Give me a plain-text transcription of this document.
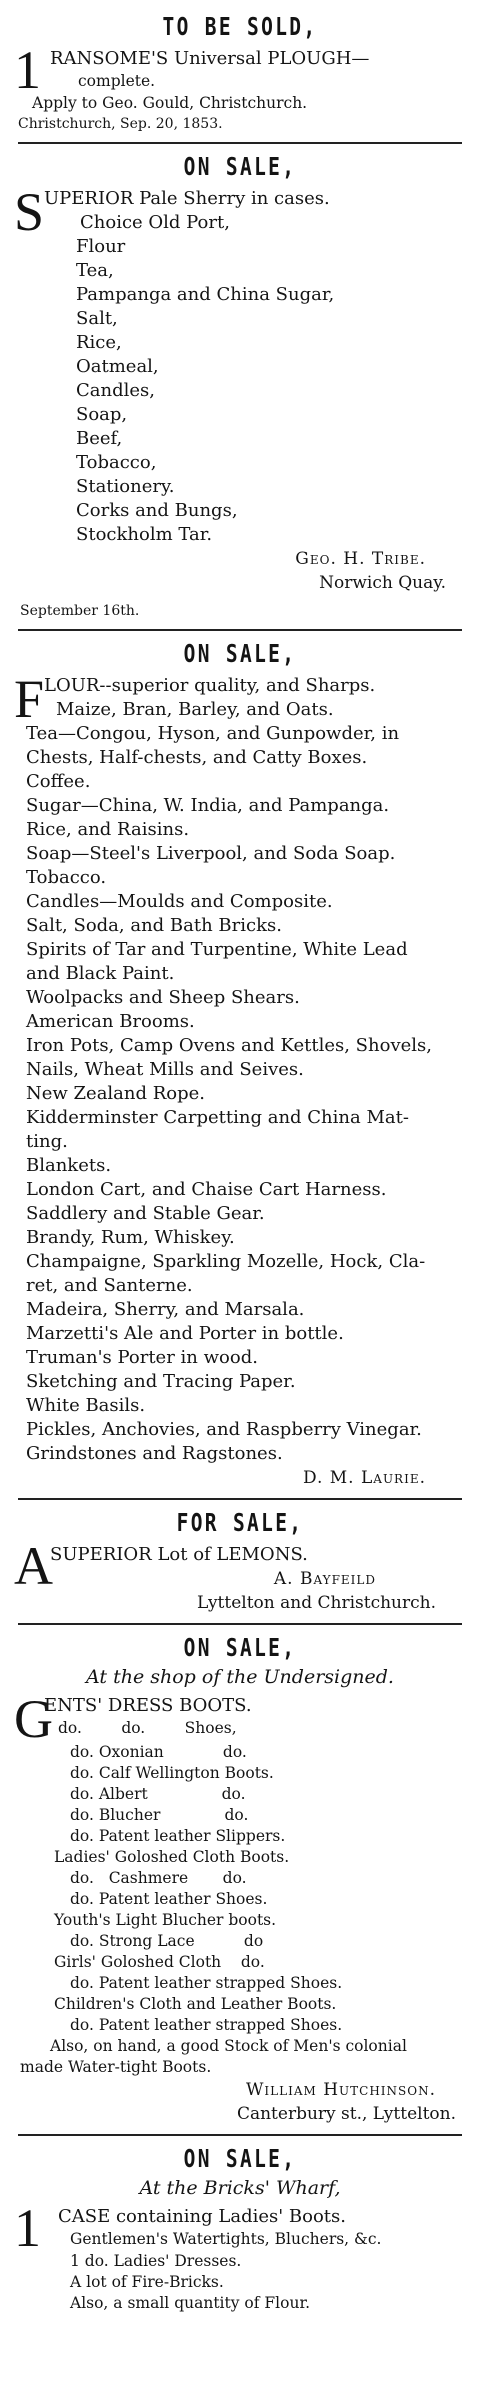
TO BE SOLD,
1 RANSOME'S Universal PLOUGH—
complete.
Apply to Geo. Gould, Christchurch.
Christchurch, Sep. 20, 1853.
ON SALE,
S UPERIOR Pale Sherry in cases.
Choice Old Port,
Flour
Tea,
Pampanga and China Sugar,
Salt,
Rice,
Oatmeal,
Candles,
Soap,
Beef,
Tobacco,
Stationery.
Corks and Bungs,
Stockholm Tar.
Geo. H. Tribe.
Norwich Quay.
September 16th.
ON SALE,
F LOUR--superior quality, and Sharps.
Maize, Bran, Barley, and Oats.
Tea—Congou, Hyson, and Gunpowder, in
Chests, Half-chests, and Catty Boxes.
Coffee.
Sugar—China, W. India, and Pampanga.
Rice, and Raisins.
Soap—Steel's Liverpool, and Soda Soap.
Tobacco.
Candles—Moulds and Composite.
Salt, Soda, and Bath Bricks.
Spirits of Tar and Turpentine, White Lead
and Black Paint.
Woolpacks and Sheep Shears.
American Brooms.
Iron Pots, Camp Ovens and Kettles, Shovels,
Nails, Wheat Mills and Seives.
New Zealand Rope.
Kidderminster Carpetting and China Mat-
ting.
Blankets.
London Cart, and Chaise Cart Harness.
Saddlery and Stable Gear.
Brandy, Rum, Whiskey.
Champaigne, Sparkling Mozelle, Hock, Cla-
ret, and Santerne.
Madeira, Sherry, and Marsala.
Marzetti's Ale and Porter in bottle.
Truman's Porter in wood.
Sketching and Tracing Paper.
White Basils.
Pickles, Anchovies, and Raspberry Vinegar.
Grindstones and Ragstones.
D. M. Laurie.
FOR SALE,
A
SUPERIOR Lot of LEMONS.
A. Bayfeild
Lyttelton and Christchurch.
ON SALE,
At the shop of the Undersigned.
G
ENTS' DRESS BOOTS.
do.        do.        Shoes,
do. Oxonian            do.
do. Calf Wellington Boots.
do. Albert               do.
do. Blucher             do.
do. Patent leather Slippers.
Ladies' Goloshed Cloth Boots.
do.   Cashmere       do.
do. Patent leather Shoes.
Youth's Light Blucher boots.
do. Strong Lace          do
Girls' Goloshed Cloth    do.
do. Patent leather strapped Shoes.
Children's Cloth and Leather Boots.
do. Patent leather strapped Shoes.
Also, on hand, a good Stock of Men's colonial
made Water-tight Boots.
William Hutchinson.
Canterbury st., Lyttelton.
ON SALE,
At the Bricks' Wharf,
1 CASE containing Ladies' Boots.
Gentlemen's Watertights, Bluchers, &c.
1 do. Ladies' Dresses.
A lot of Fire-Bricks.
Also, a small quantity of Flour.
